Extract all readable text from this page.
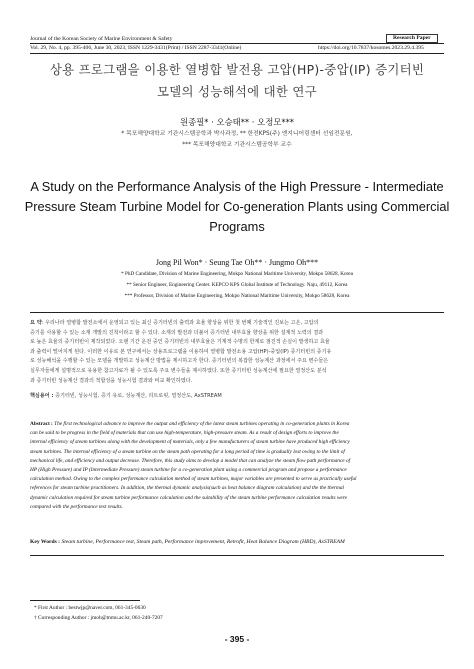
Journal of the Korean Society of Marine Environment & Safety	Research Paper
Vol. 29, No. 4, pp. 395-406, June 30, 2023, ISSN 1229-3431(Print) / ISSN 2287-3341(Online)	https://doi.org/10.7837/kosomes.2023.29.4.395
상용 프로그램을 이용한 열병합 발전용 고압(HP)-중압(IP) 증기터빈
모델의 성능해석에 대한 연구
원종필* · 오승태** · 오정모***
* 목포해양대학교 기관시스템공학과 박사과정, ** 한전KPS(주) 엔지니어링센터 선임전문원,
*** 목포해양대학교 기관시스템공학부 교수
A Study on the Performance Analysis of the High Pressure - Intermediate
Pressure Steam Turbine Model for Co-generation Plants using Commercial
Programs
Jong Pil Won* · Seung Tae Oh** · Jungmo Oh***
* PhD Candidate, Division of Marine Engineering, Mokpo National Maritime University, Mokpo 58628, Korea
** Senior Engineer, Engineering Center. KEPCO KPS Global Institute of Technology. Naju, 49112, Korea
*** Professor, Division of Marine Engineering, Mokpo National Maritime University, Mokpo 58628, Korea
요 약: 우리나라 열병합 발전소에서 운영되고 있는 최신 증기터빈의 출력과 효율 향상을 위한 첫 번째 기술적인 진보는 고온, 고압의
증기를 사용할 수 있는 소재 개발의 진척이라고 할 수 있다. 소재의 발전과 더불어 증기터빈 내부효율 향상을 위한 설계적 노력의 결과
로 높은 효율의 증기터빈이 제작되었다. 오랜 기간 운전 중인 증기터빈의 내부효율은 기계적 수명의 한계로 점진적 손실이 발생하고 효율
과 출력이 떨어지게 된다. 이러한 이유로 본 연구에서는 상용프로그램을 이용하여 열병합 발전소용 고압(HP)-중압(IP) 증기터빈의 증기유
로 성능해석을 수행할 수 있는 모델을 개발하고 성능계산 방법을 제시하고자 한다. 증기터빈의 복잡한 성능계산 과정에서 주요 변수들은
실무자들에게 설명적으로 유용한 참고자료가 될 수 있도록 주요 변수들을 제시하였다. 또한 증기터빈 성능계산에 필요한 열정산도 분석
과 증기터빈 성능계산 결과의 적합성을 성능시험 결과와 비교 확인하였다.
핵심용어 : 증기터빈, 성능시험, 증기 유로, 성능계산, 리트로핏, 열정산도, AxSTREAM
Abstract : The first technological advance to improve the output and efficiency of the latest steam turbines operating in co-generation plants in Korea
can be said to be progress in the field of materials that can use high-temperature, high-pressure steam. As a result of design efforts to improve the
internal efficiency of steam turbines along with the development of materials, only a few manufacturers of steam turbine have produced high efficiency
steam turbines. The internal efficiency of a steam turbine on the steam path operating for a long period of time is gradually lost owing to the limit of
mechanical life, and efficiency and output decrease. Therefore, this study aims to develop a model that can analyze the steam flow path performance of
HP (High Pressure) and IP (Intermediate Pressure) steam turbine for a co-generation plant using a commercial program and propose a performance
calculation method. Owing to the complex performance calculation method of steam turbines, major variables are presented to serve as practically useful
references for steam turbine practitioners. In addition, the thermal dynamic analysis(such as heat balance diagram calculation) and the the thermal
dynamic calculation required for steam turbine performance calculation and the suitability of the steam turbine performance calculation results were
compared with the performance test results.
Key Words : Steam turbine, Performance test, Steam path, Performance improvement, Retrofit, Heat Balance Diagram (HBD), AxSTREAM
* First Author : bestwjp@naver.com, 061-345-0630
† Corresponding Author : jmoh@mmu.ac.kr, 061-240-7207
- 395 -
